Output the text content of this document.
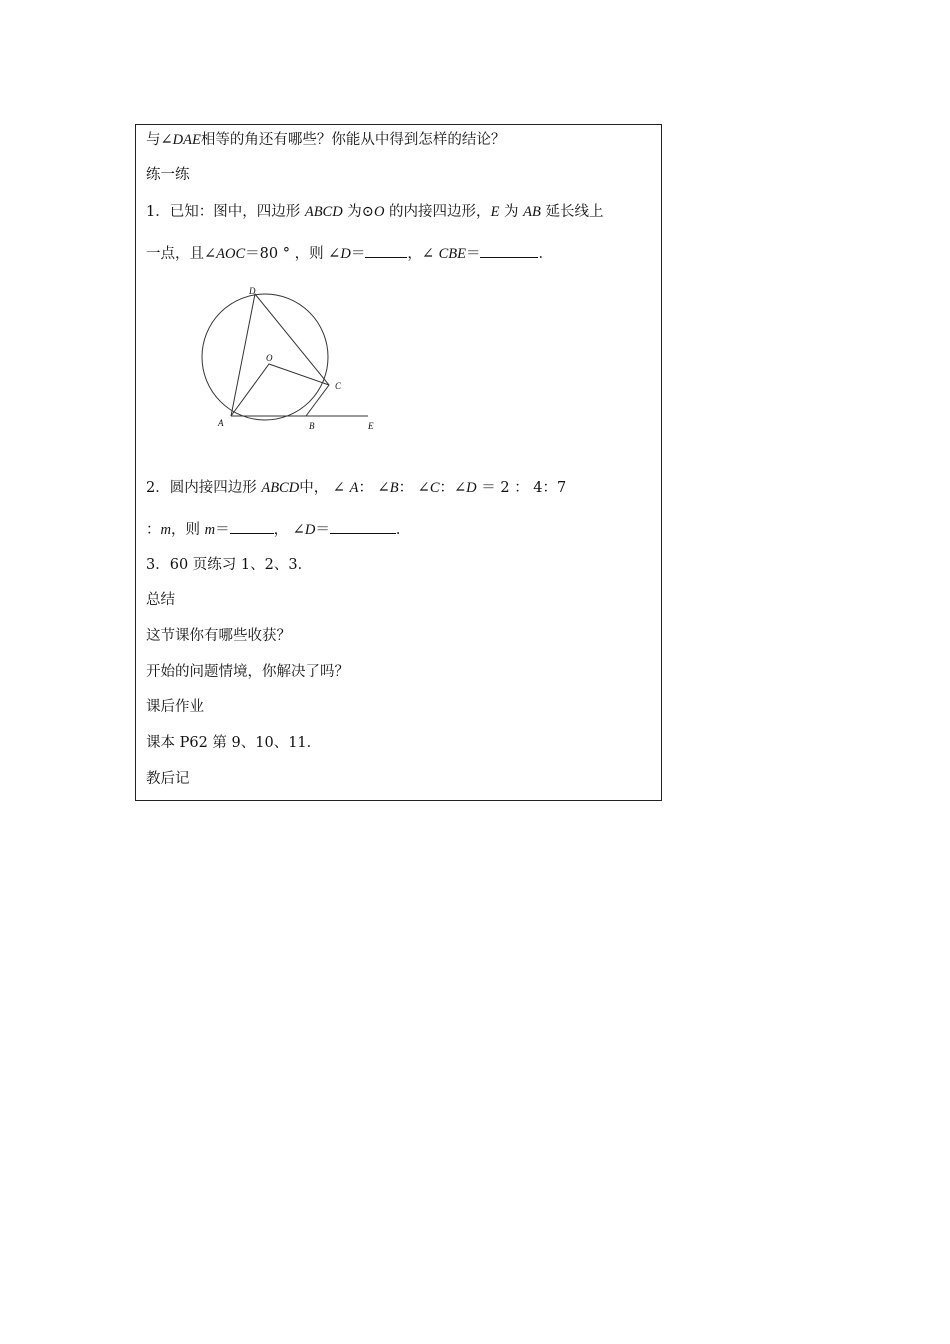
与∠DAE相等的角还有哪些？你能从中得到怎样的结论？
练一练
1．已知：图中，四边形 ABCD 为⊙O 的内接四边形，E 为 AB 延长线上
一点，且∠AOC＝80 ° ，则 ∠D＝	，∠ CBE＝	．
D
O
C
A	B	E
2．圆内接四边形 ABCD中， ∠ A： ∠B： ∠C：∠D ＝ 2 ： 4：7
：m，则 m＝	， ∠D＝	．
3．60 页练习 1、2、3．
总结
这节课你有哪些收获？
开始的问题情境，你解决了吗？
课后作业
课本 P62 第 9、10、11．
教后记
